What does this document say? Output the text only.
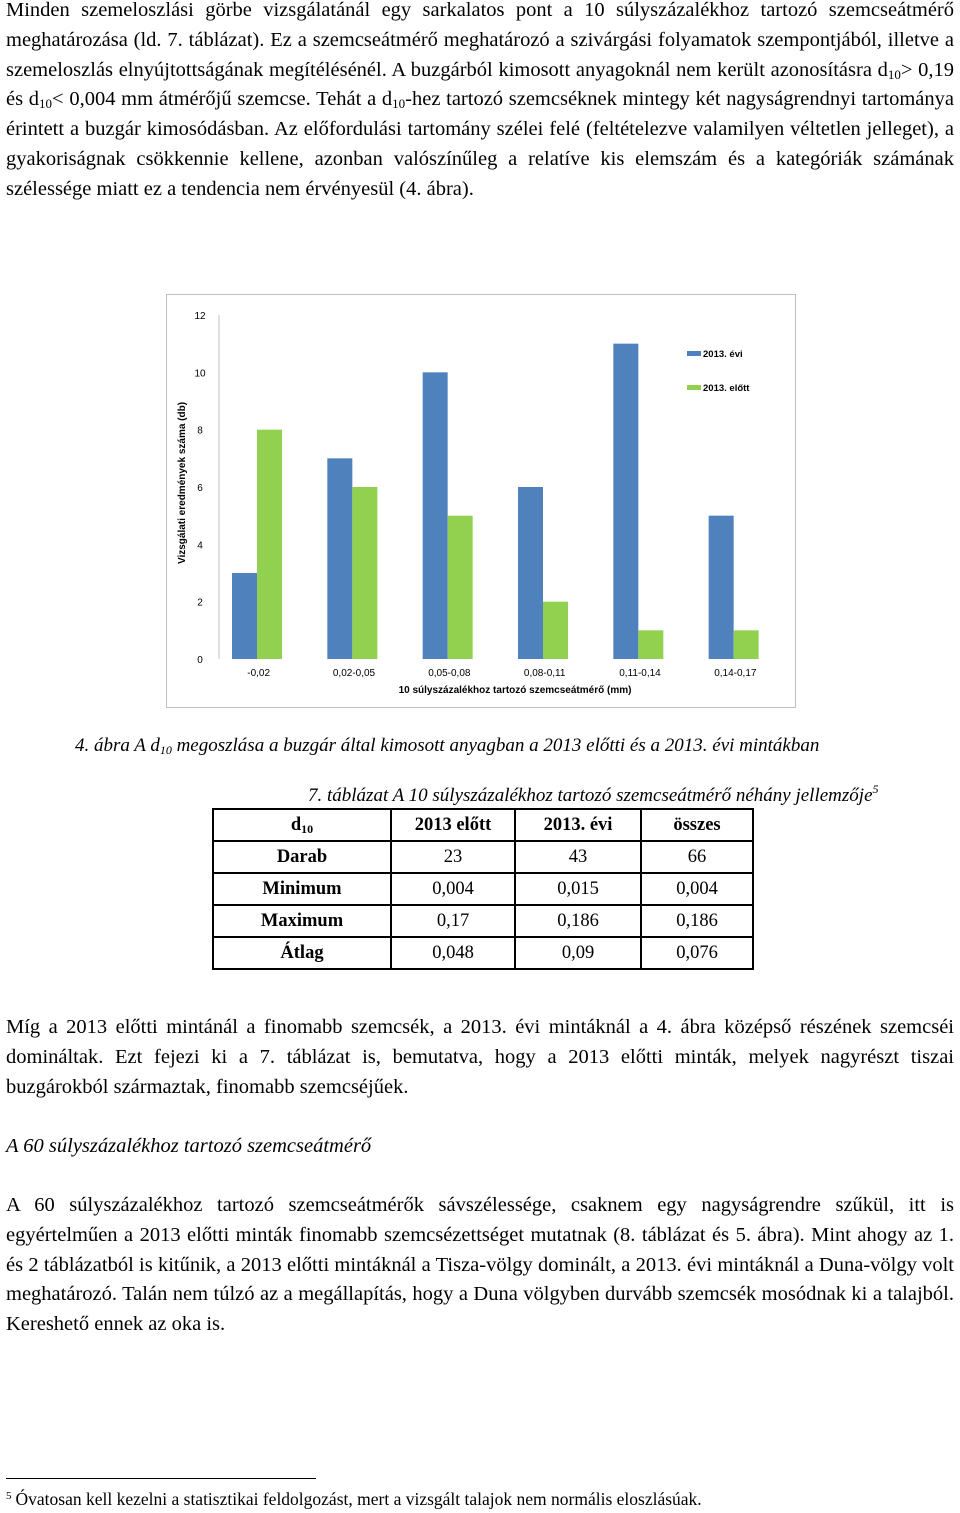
Minden szemeloszlási görbe vizsgálatánál egy sarkalatos pont a 10 súlyszázalékhoz tartozó szemcseátmérő meghatározása (ld. 7. táblázat). Ez a szemcseátmérő meghatározó a szivárgási folyamatok szempontjából, illetve a szemeloszlás elnyújtottságának megítélésénél. A buzgárból kimosott anyagoknál nem került azonosításra $d_{10}> 0,19$ és $d_{10}< 0,004$ mm átmérőjű szemcse. Tehát a $d_{10}$-hez tartozó szemcséknek mintegy két nagyságrendnyi tartománya érintett a buzgár kimosódásban. Az előfordulási tartomány szélei felé (feltételezve valamilyen véltetlen jelleget), a gyakoriságnak csökkennie kellene, azonban valószínűleg a relatíve kis elemszám és a kategóriák számának szélessége miatt ez a tendencia nem érvényesül (4. ábra).

0
2
4
6
8
10
12
-0,02	0,02-0,05	0,05-0,08	0,08-0,11	0,11-0,14	0,14-0,17
10 súlyszázalékhoz tartozó szemcseátmérő (mm)
Vizsgálati eredmények száma (db)
2013. évi
2013. előtt

4. ábra A $d_{10}$ megoszlása a buzgár által kimosott anyagban a 2013 előtti és a 2013. évi mintákban

7. táblázat A 10 súlyszázalékhoz tartozó szemcseátmérő néhány jellemzője$^5$

$d_{10}$	2013 előtt	2013. évi	összes
Darab	23	43	66
Minimum	0,004	0,015	0,004
Maximum	0,17	0,186	0,186
Átlag	0,048	0,09	0,076

Míg a 2013 előtti mintánál a finomabb szemcsék, a 2013. évi mintáknál a 4. ábra középső részének szemcséi domináltak. Ezt fejezi ki a 7. táblázat is, bemutatva, hogy a 2013 előtti minták, melyek nagyrészt tiszai buzgárokból származtak, finomabb szemcséjűek.

A 60 súlyszázalékhoz tartozó szemcseátmérő

A 60 súlyszázalékhoz tartozó szemcseátmérők sávszélessége, csaknem egy nagyságrendre szűkül, itt is egyértelműen a 2013 előtti minták finomabb szemcsézettséget mutatnak (8. táblázat és 5. ábra). Mint ahogy az 1. és 2 táblázatból is kitűnik, a 2013 előtti mintáknál a Tisza-völgy dominált, a 2013. évi mintáknál a Duna-völgy volt meghatározó. Talán nem túlzó az a megállapítás, hogy a Duna völgyben durvább szemcsék mosódnak ki a talajból. Kereshető ennek az oka is.

$^5$ Óvatosan kell kezelni a statisztikai feldolgozást, mert a vizsgált talajok nem normális eloszlásúak.
